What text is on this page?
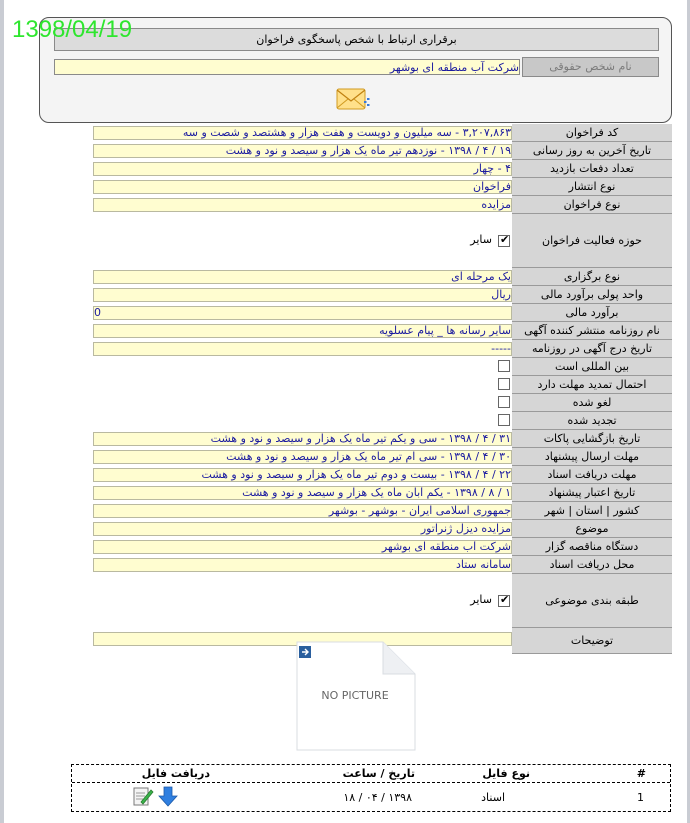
1398/04/19	برقراری ارتباط با شخص پاسخگوی فراخوان
نام شخص حقوقی
شرکت آب منطقه ای بوشهر
کد فراخوان
۳,۲۰۷,۸۶۳ - سه میلیون و دویست و هفت هزار و هشتصد و شصت و سه
تاریخ آخرین به روز رسانی
۱۹ / ۴ / ۱۳۹۸ - نوزدهم تیر ماه یک هزار و سیصد و نود و هشت
تعداد دفعات بازدید
۴ - چهار
نوع انتشار
فراخوان
نوع فراخوان
مزایده
حوزه فعالیت فراخوان
✔
سایر
نوع برگزاری
یک مرحله ای
واحد پولی برآورد مالی
ریال
برآورد مالی
0
نام روزنامه منتشر کننده آگهی
سایر رسانه ها _ پیام عسلویه
تاریخ درج آگهی در روزنامه
-----
بین المللی است
احتمال تمدید مهلت دارد
لغو شده
تجدید شده
تاریخ بازگشایی پاکات
۳۱ / ۴ / ۱۳۹۸ - سی و یکم تیر ماه یک هزار و سیصد و نود و هشت
مهلت ارسال پیشنهاد
۳۰ / ۴ / ۱۳۹۸ - سی ام تیر ماه یک هزار و سیصد و نود و هشت
مهلت دریافت اسناد
۲۲ / ۴ / ۱۳۹۸ - بیست و دوم تیر ماه یک هزار و سیصد و نود و هشت
تاریخ اعتبار پیشنهاد
۱ / ۸ / ۱۳۹۸ - یکم آبان ماه یک هزار و سیصد و نود و هشت
کشور | استان | شهر
جمهوری اسلامی ایران - بوشهر - بوشهر
موضوع
مزایده دیزل ژنراتور
دستگاه مناقصه گزار
شرکت آب منطقه ای بوشهر
محل دریافت اسناد
سامانه ستاد
طبقه بندی موضوعی
✔
سایر
توضیحات
NO PICTURE
#
نوع فایل
تاریخ / ساعت
دریافت فایل
1
اسناد
۱۸ / ۰۴ / ۱۳۹۸
